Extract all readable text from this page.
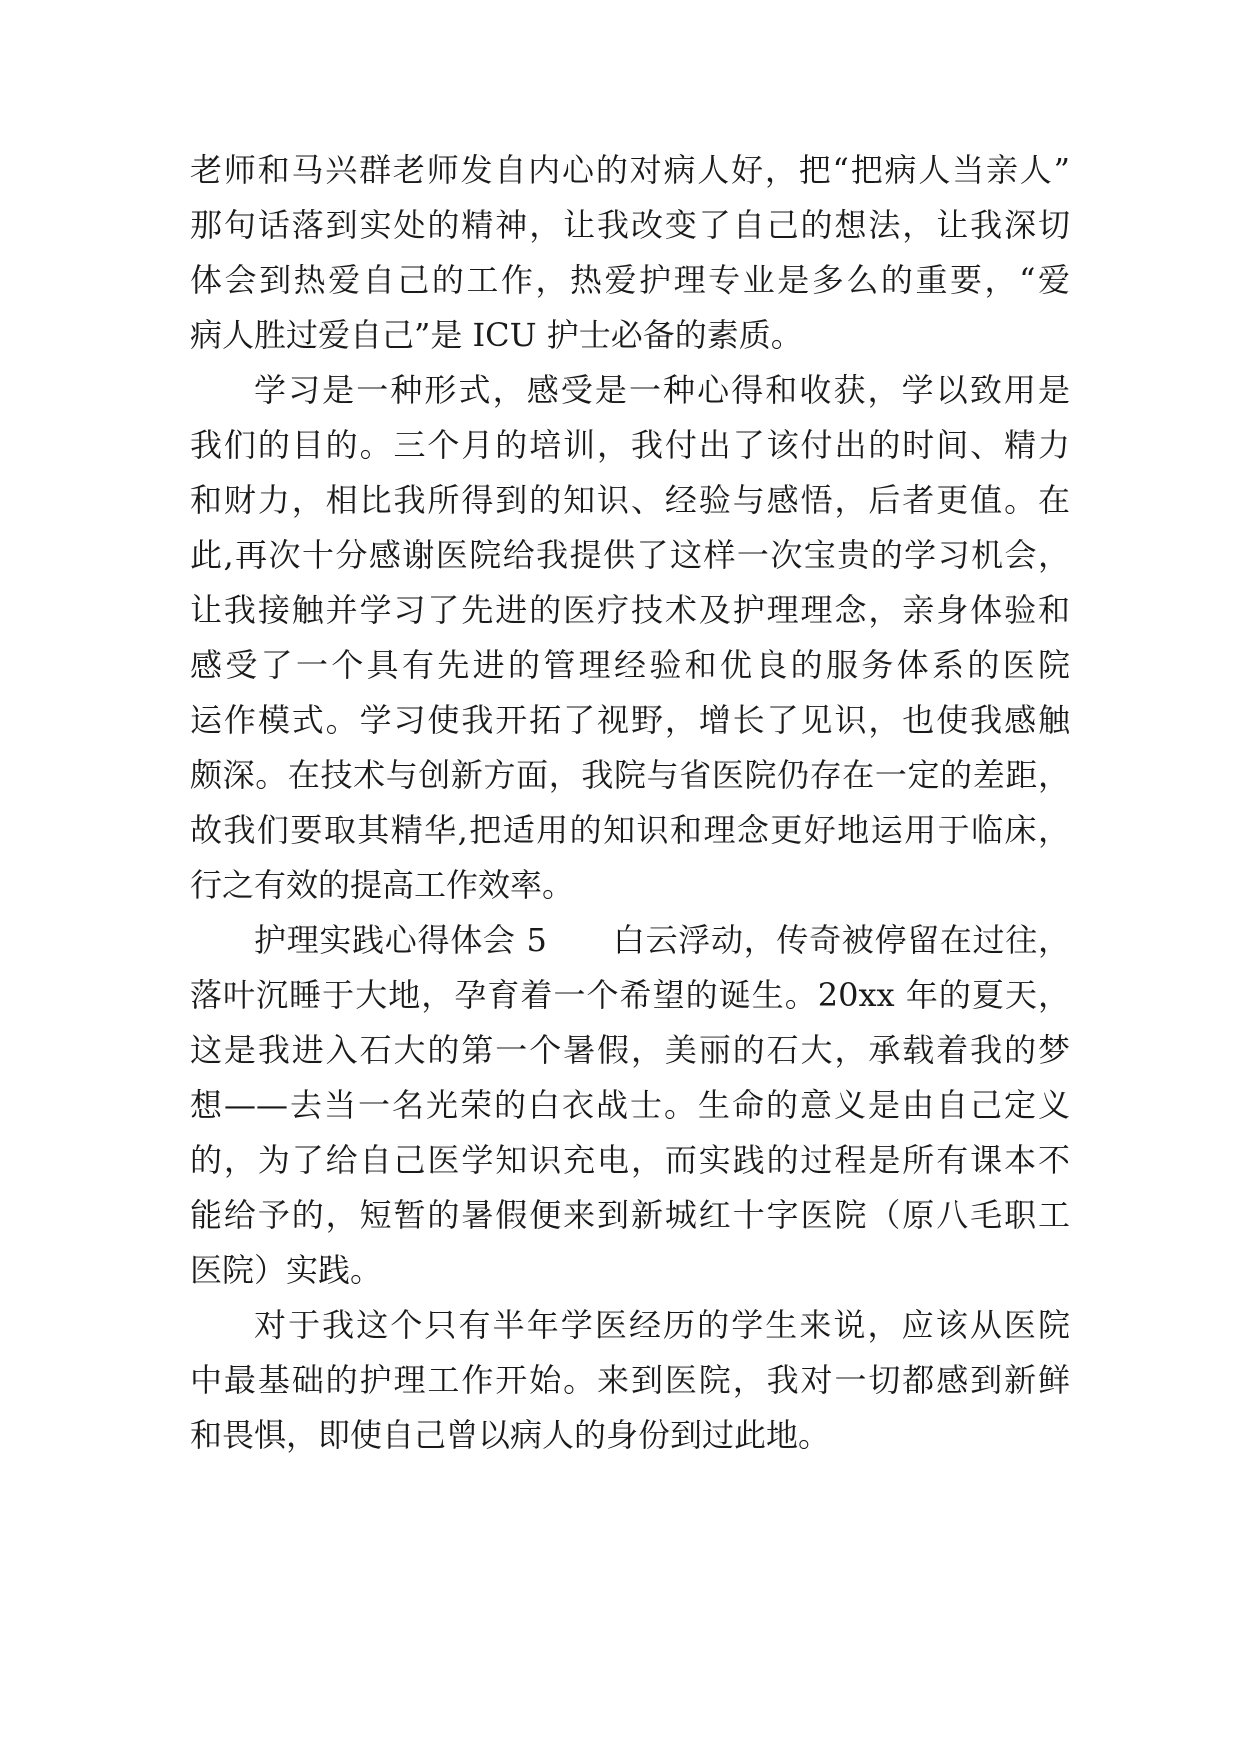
老师和马兴群老师发自内心的对病人好，把“把病人当亲人”
那句话落到实处的精神，让我改变了自己的想法，让我深切
体会到热爱自己的工作，热爱护理专业是多么的重要，“爱
病人胜过爱自己”是 ICU 护士必备的素质。
学习是一种形式，感受是一种心得和收获，学以致用是
我们的目的。三个月的培训，我付出了该付出的时间、精力
和财力，相比我所得到的知识、经验与感悟，后者更值。在
此,再次十分感谢医院给我提供了这样一次宝贵的学习机会，
让我接触并学习了先进的医疗技术及护理理念，亲身体验和
感受了一个具有先进的管理经验和优良的服务体系的医院
运作模式。学习使我开拓了视野，增长了见识，也使我感触
颇深。在技术与创新方面，我院与省医院仍存在一定的差距，
故我们要取其精华,把适用的知识和理念更好地运用于临床，
行之有效的提高工作效率。
护理实践心得体会 5　　白云浮动，传奇被停留在过往，
落叶沉睡于大地，孕育着一个希望的诞生。20xx 年的夏天，
这是我进入石大的第一个暑假，美丽的石大，承载着我的梦
想——去当一名光荣的白衣战士。生命的意义是由自己定义
的，为了给自己医学知识充电，而实践的过程是所有课本不
能给予的，短暂的暑假便来到新城红十字医院（原八毛职工
医院）实践。
对于我这个只有半年学医经历的学生来说，应该从医院
中最基础的护理工作开始。来到医院，我对一切都感到新鲜
和畏惧，即使自己曾以病人的身份到过此地。
